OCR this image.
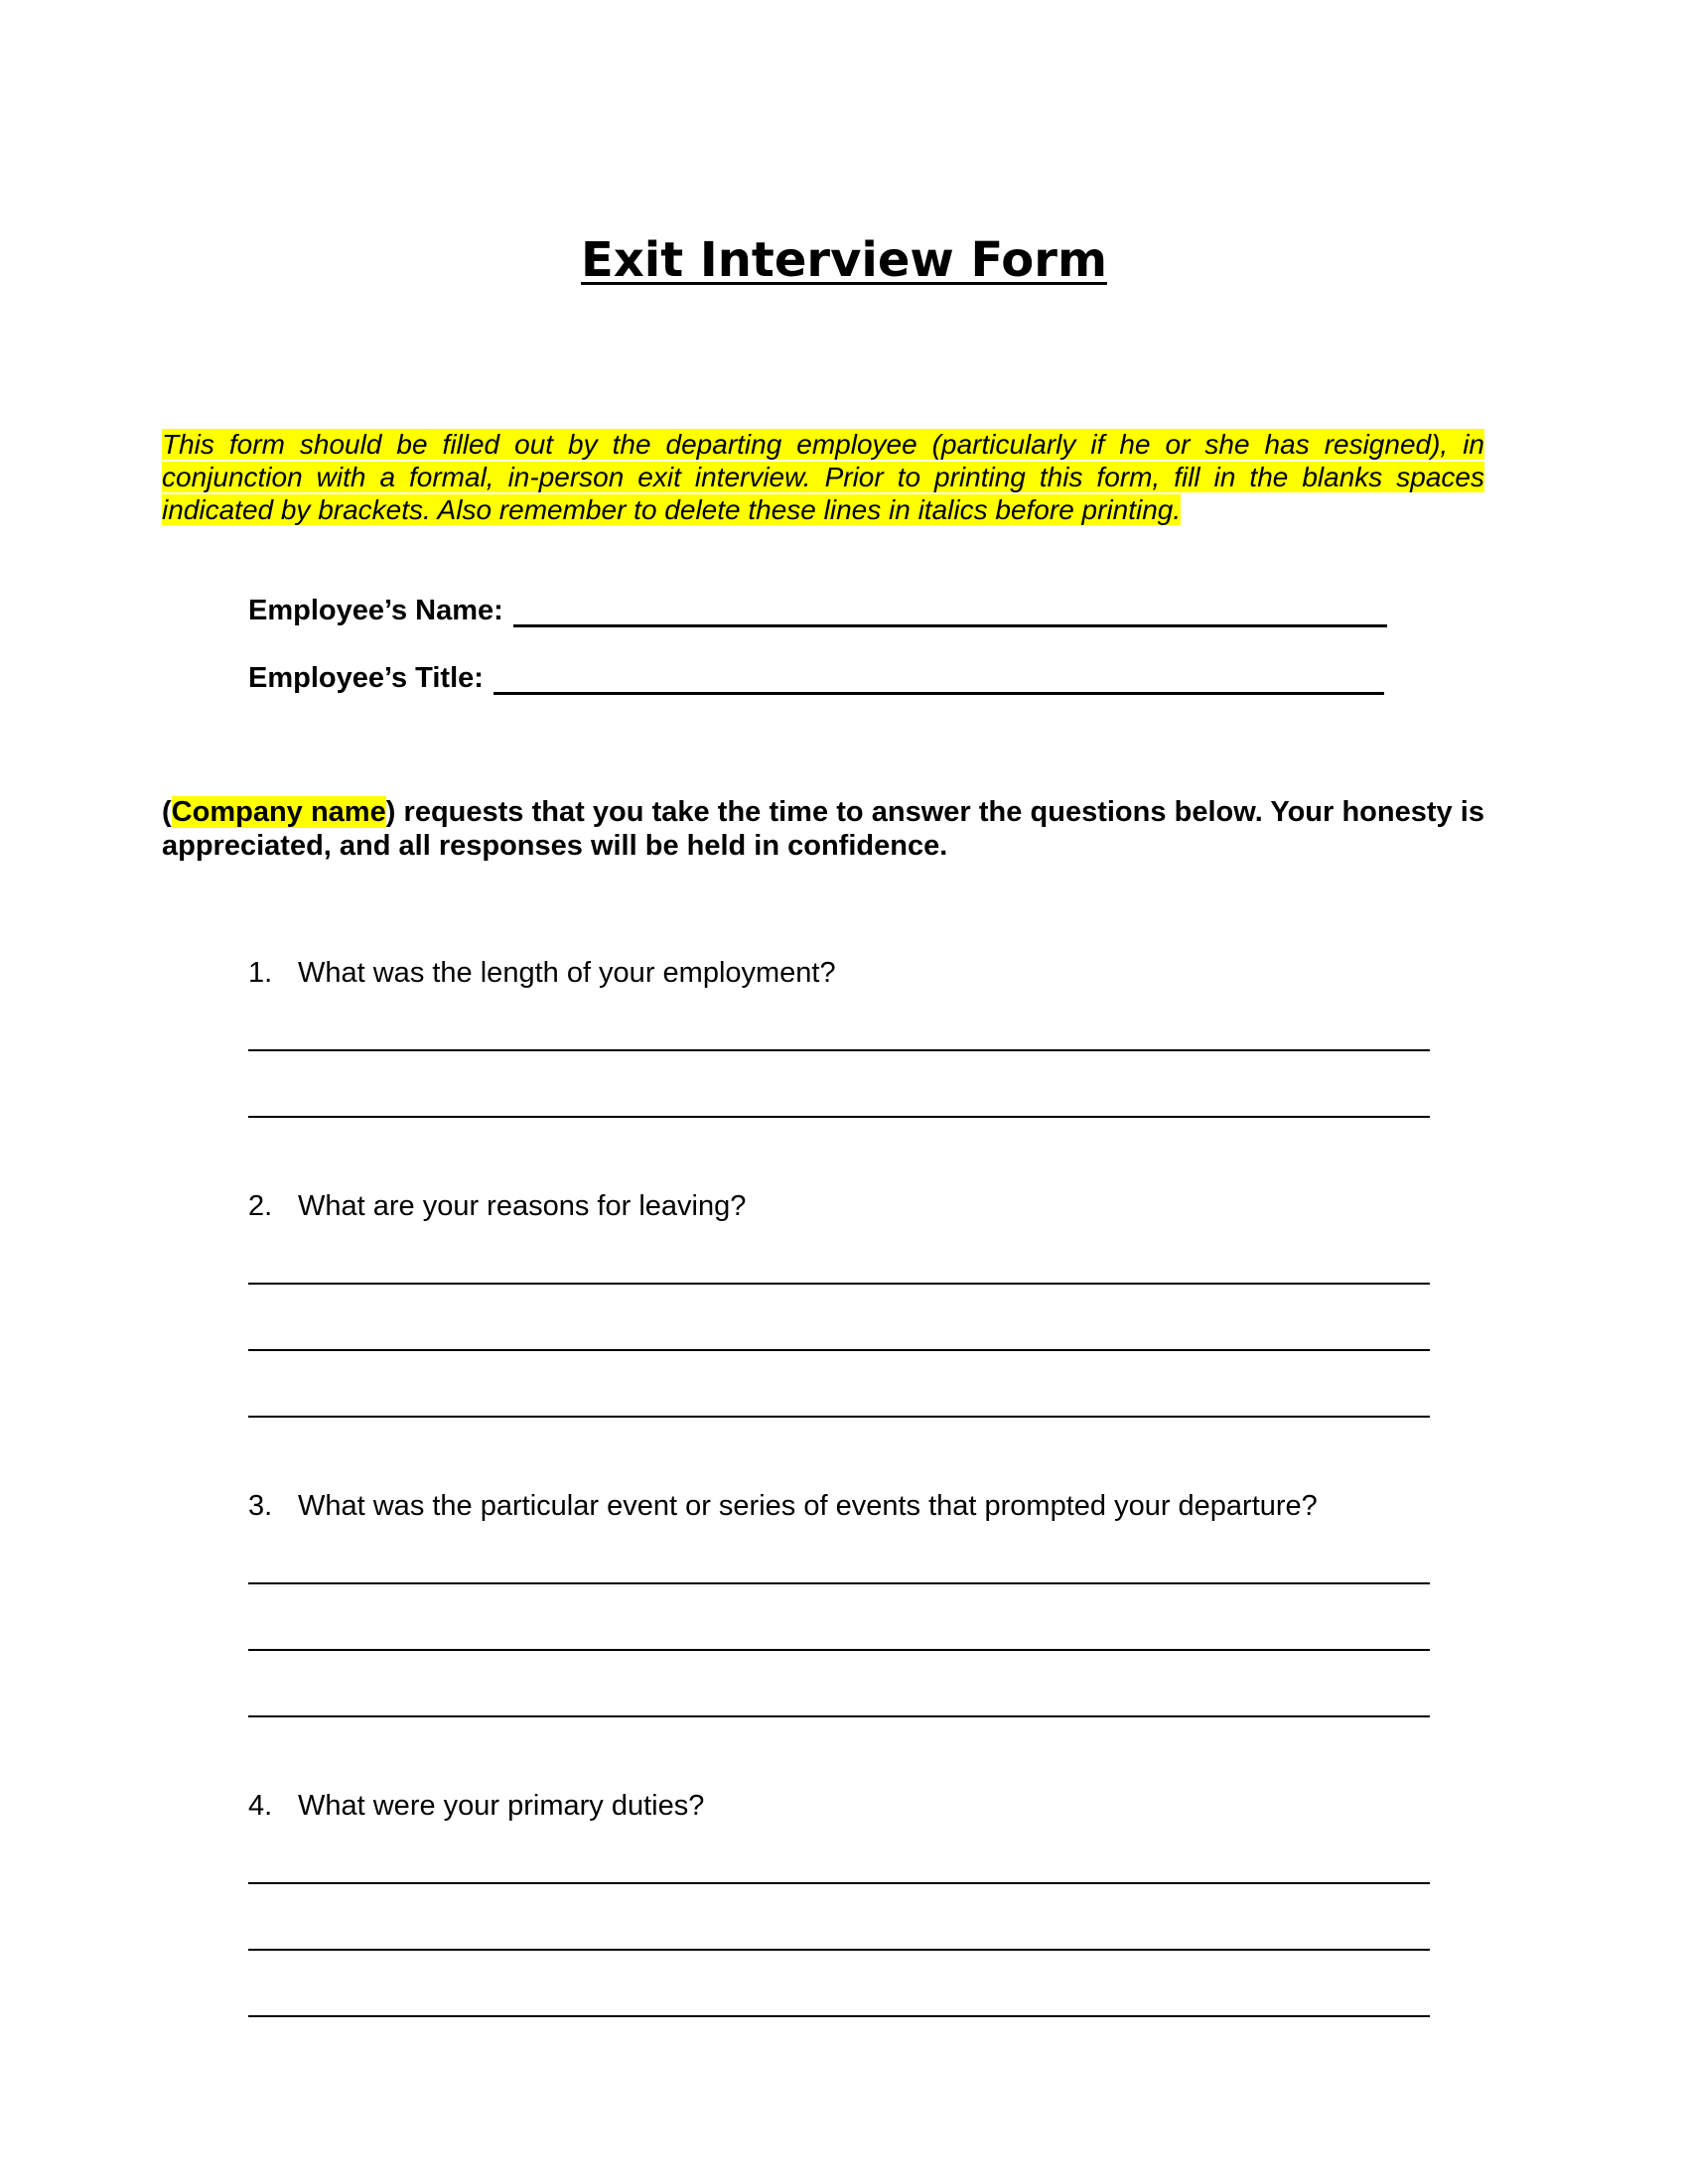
Exit Interview Form
This form should be filled out by the departing employee (particularly if he or she has resigned), in conjunction with a formal, in-person exit interview. Prior to printing this form, fill in the blanks spaces indicated by brackets. Also remember to delete these lines in italics before printing.
Employee’s Name:
Employee’s Title:
(Company name) requests that you take the time to answer the questions below. Your honesty is appreciated, and all responses will be held in confidence.
1. What was the length of your employment?
2. What are your reasons for leaving?
3. What was the particular event or series of events that prompted your departure?
4. What were your primary duties?
